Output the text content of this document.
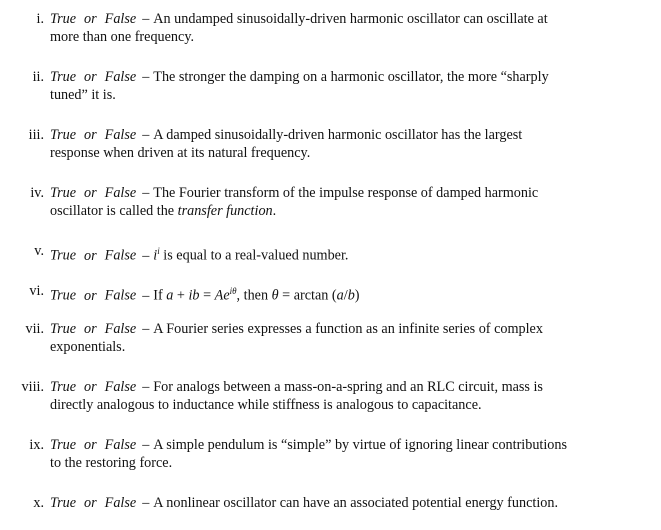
i. True or False – An undamped sinusoidally-driven harmonic oscillator can oscillate at
more than one frequency.
ii. True or False – The stronger the damping on a harmonic oscillator, the more “sharply
tuned” it is.
iii. True or False – A damped sinusoidally-driven harmonic oscillator has the largest
response when driven at its natural frequency.
iv. True or False – The Fourier transform of the impulse response of damped harmonic
oscillator is called the transfer function.
v. True or False – $i^i$ is equal to a real-valued number.
vi. True or False – If a + ib = $Ae^{i\theta}$, then θ = arctan (a/b)
vii. True or False – A Fourier series expresses a function as an infinite series of complex
exponentials.
viii. True or False – For analogs between a mass-on-a-spring and an RLC circuit, mass is
directly analogous to inductance while stiffness is analogous to capacitance.
ix. True or False – A simple pendulum is “simple” by virtue of ignoring linear contributions
to the restoring force.
x. True or False – A nonlinear oscillator can have an associated potential energy function.
